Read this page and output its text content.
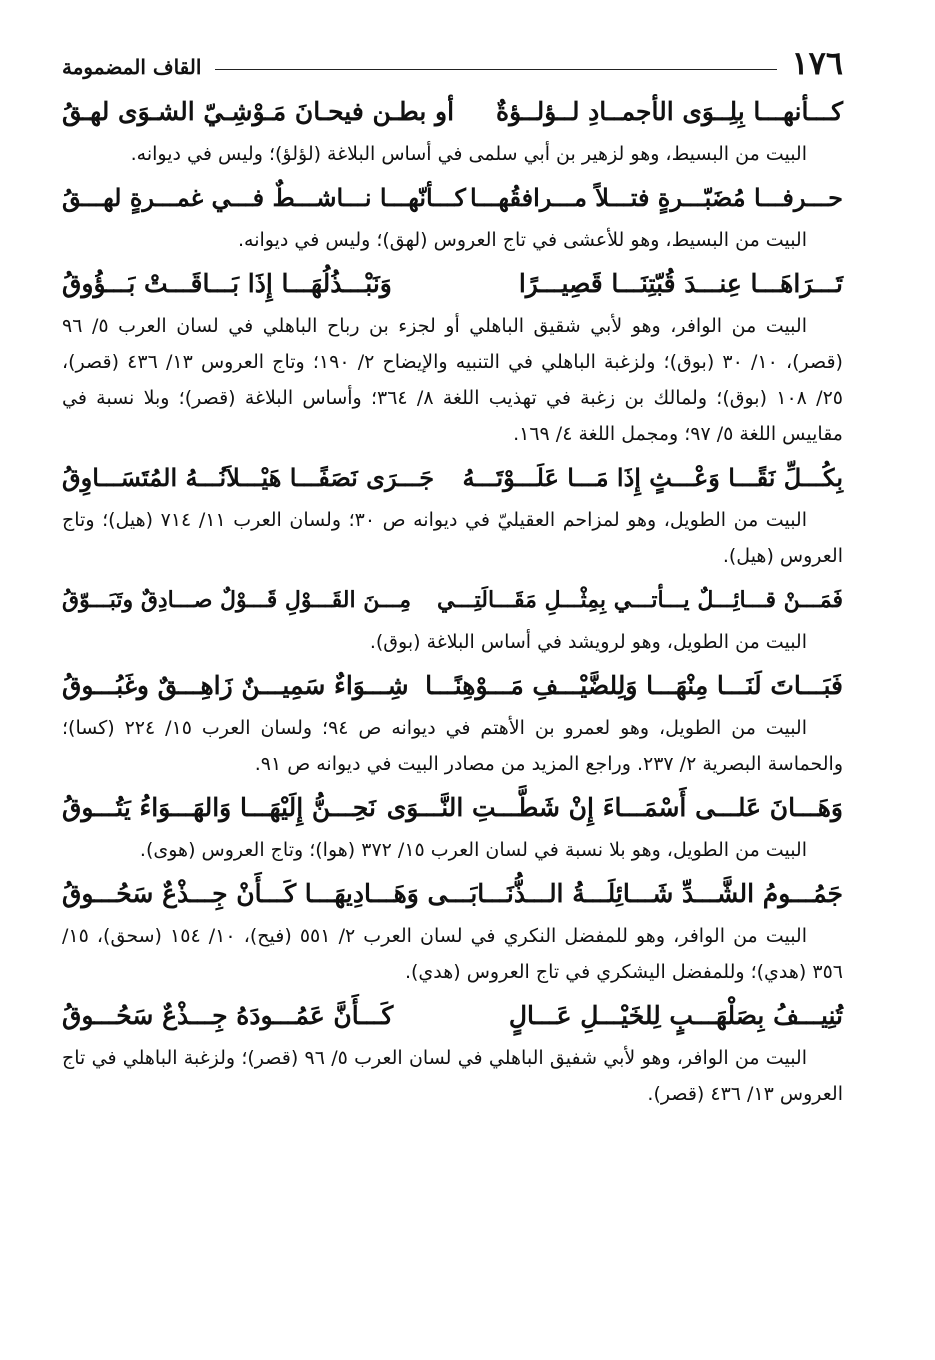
١٧٦
القاف المضمومة
كـــأنهـــا بِلِــوَى الأجمــادِ لــؤلــؤةٌ
أو بطـن فيحـانَ مَـوْشِـيّ الشـوَى لهـقُ

البيت من البسيط، وهو لزهير بن أبي سلمى في أساس البلاغة (لؤلؤ)؛ وليس في ديوانه.

حـــرفـــا مُضَبّـــرةٍ فتـــلاً مـــرافقُهـــا
كـــأنّهـــا نـــاشـــطٌ فـــي غمـــرةٍ لهـــقُ

البيت من البسيط، وهو للأعشى في تاج العروس (لهق)؛ وليس في ديوانه.

تَـــرَاهَـــا عِنـــدَ قُبّتِنَـــا قَصِيـــرًا
وَنَبْـــذُلُهَـــا إِذَا بَـــاقَـــتْ بَـــؤُوقُ

البيت من الوافر، وهو لأبي شقيق الباهلي أو لجزء بن رباح الباهلي في لسان العرب ٥/ ٩٦ (قصر)، ١٠/ ٣٠ (بوق)؛ ولزغبة الباهلي في التنبيه والإيضاح ٢/ ١٩٠؛ وتاج العروس ١٣/ ٤٣٦ (قصر)، ٢٥/ ١٠٨ (بوق)؛ ولمالك بن زغبة في تهذيب اللغة ٨/ ٣٦٤؛ وأساس البلاغة (قصر)؛ وبلا نسبة في مقاييس اللغة ٥/ ٩٧؛ ومجمل اللغة ٤/ ١٦٩.

بِكُـــلِّ نَقًـــا وَعْـــثٍ إِذَا مَـــا عَلَـــوْتَـــهُ
جَـــرَى نَصَفًـــا هَيْـــلاَنُـــهُ المُتَسَـــاوِقُ

البيت من الطويل، وهو لمزاحم العقيليّ في ديوانه ص ٣٠؛ ولسان العرب ١١/ ٧١٤ (هيل)؛ وتاج العروس (هيل).

فَمَـــنْ قـــائِـــلٌ يـــأتـــي بِمِثْـــلِ مَقَـــالَتِـــي
مِـــنَ القَـــوْلِ قَـــوْلٌ صـــادِقٌ وتَبَـــوّقُ

البيت من الطويل، وهو لرويشد في أساس البلاغة (بوق).

فَبَـــاتَ لَنَـــا مِنْهَـــا وَلِلضَّيْـــفِ مَـــوْهِنًـــا
شِـــوَاءٌ سَمِيـــنٌ زَاهِـــقٌ وغَبُـــوقُ

البيت من الطويل، وهو لعمرو بن الأهتم في ديوانه ص ٩٤؛ ولسان العرب ١٥/ ٢٢٤ (كسا)؛ والحماسة البصرية ٢/ ٢٣٧. وراجع المزيد من مصادر البيت في ديوانه ص ٩١.

وَهَـــانَ عَلـــى أَسْمَـــاءَ إِنْ شَطَّـــتِ النَّـــوَى
نَحِـــنُّ إِلَيْهَـــا وَالهَـــوَاءُ يَتُـــوقُ

البيت من الطويل، وهو بلا نسبة في لسان العرب ١٥/ ٣٧٢ (هوا)؛ وتاج العروس (هوى).

جَمُـــومُ الشَّـــدِّ شَـــائِلَـــةُ الـــذُّنَـــابَـــى
وَهَـــادِيهَـــا كَـــأَنْ جِـــذْعٌ سَحُـــوقُ

البيت من الوافر، وهو للمفضل النكري في لسان العرب ٢/ ٥٥١ (فيح)، ١٠/ ١٥٤ (سحق)، ١٥/ ٣٥٦ (هدي)؛ وللمفضل اليشكري في تاج العروس (هدي).

تُنِيـــفُ بِصَلْهَـــبٍ لِلخَيْـــلِ عَـــالٍ
كَـــأَنَّ عَمُـــودَهُ جِـــذْعٌ سَحُـــوقُ

البيت من الوافر، وهو لأبي شفيق الباهلي في لسان العرب ٥/ ٩٦ (قصر)؛ ولزغبة الباهلي في تاج العروس ١٣/ ٤٣٦ (قصر).
